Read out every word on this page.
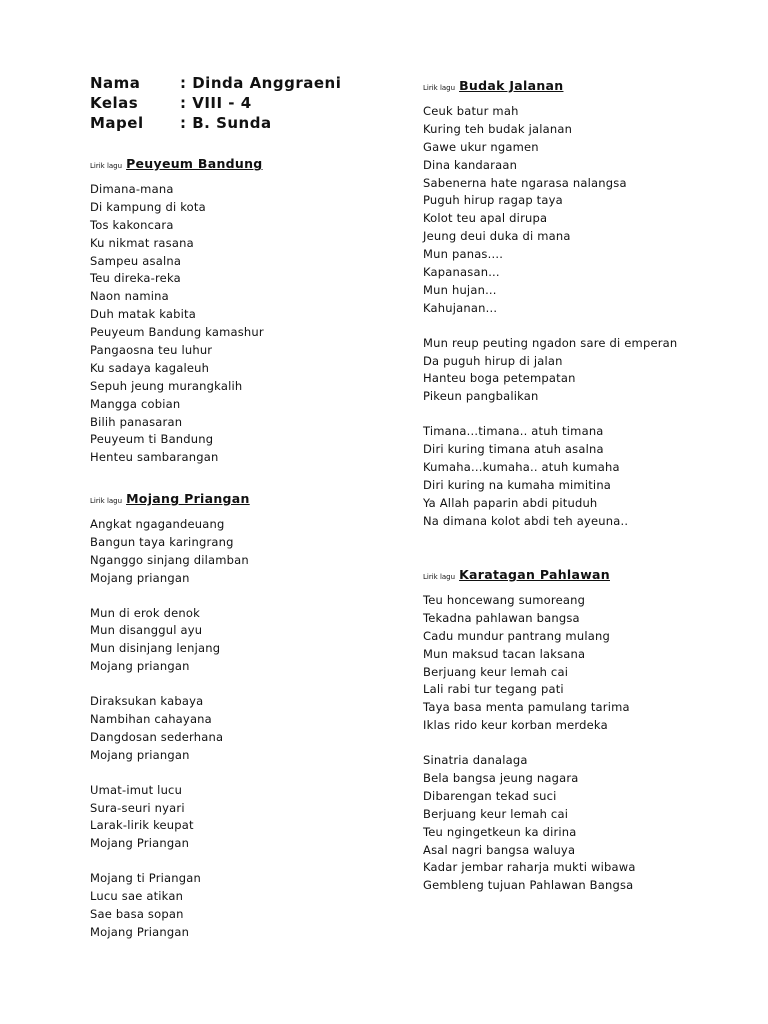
Nama	: Dinda Anggraeni
Kelas	: VIII - 4
Mapel : B. Sunda
Lirik lagu Peuyeum Bandung
Dimana-mana
Di kampung di kota
Tos kakoncara
Ku nikmat rasana
Sampeu asalna
Teu direka-reka
Naon namina
Duh matak kabita
Peuyeum Bandung kamashur
Pangaosna teu luhur
Ku sadaya kagaleuh
Sepuh jeung murangkalih
Mangga cobian
Bilih panasaran
Peuyeum ti Bandung
Henteu sambarangan
Lirik lagu Mojang Priangan
Angkat ngagandeuang
Bangun taya karingrang
Nganggo sinjang dilamban
Mojang priangan
Mun di erok denok
Mun disanggul ayu
Mun disinjang lenjang
Mojang priangan
Diraksukan kabaya
Nambihan cahayana
Dangdosan sederhana
Mojang priangan
Umat-imut lucu
Sura-seuri nyari
Larak-lirik keupat
Mojang Priangan
Mojang ti Priangan
Lucu sae atikan
Sae basa sopan
Mojang Priangan
Lirik lagu Budak Jalanan
Ceuk batur mah
Kuring teh budak jalanan
Gawe ukur ngamen
Dina kandaraan
Sabenerna hate ngarasa nalangsa
Puguh hirup ragap taya
Kolot teu apal dirupa
Jeung deui duka di mana
Mun panas....
Kapanasan...
Mun hujan...
Kahujanan...
Mun reup peuting ngadon sare di emperan
Da puguh hirup di jalan
Hanteu boga petempatan
Pikeun pangbalikan
Timana...timana.. atuh timana
Diri kuring timana atuh asalna
Kumaha...kumaha.. atuh kumaha
Diri kuring na kumaha mimitina
Ya Allah paparin abdi pituduh
Na dimana kolot abdi teh ayeuna..
Lirik lagu Karatagan Pahlawan
Teu honcewang sumoreang
Tekadna pahlawan bangsa
Cadu mundur pantrang mulang
Mun maksud tacan laksana
Berjuang keur lemah cai
Lali rabi tur tegang pati
Taya basa menta pamulang tarima
Iklas rido keur korban merdeka
Sinatria danalaga
Bela bangsa jeung nagara
Dibarengan tekad suci
Berjuang keur lemah cai
Teu ngingetkeun ka dirina
Asal nagri bangsa waluya
Kadar jembar raharja mukti wibawa
Gembleng tujuan Pahlawan Bangsa
